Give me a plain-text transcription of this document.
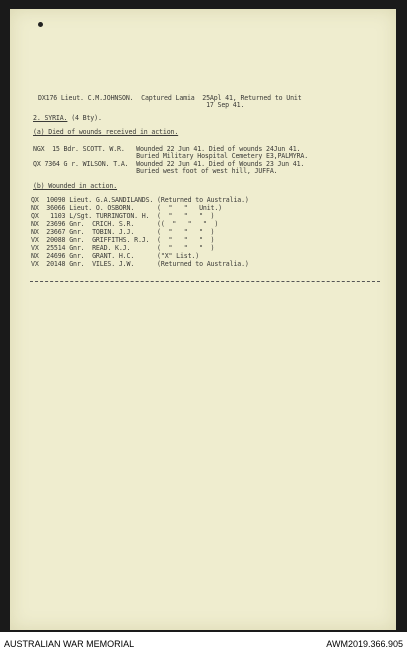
DX176 Lieut. C.M.JOHNSON.  Captured Lamia  25Apl 41, Returned to Unit
17 Sep 41.
2. SYRIA. (4 Bty).
(a) Died of wounds received in action.
NGX  15 Bdr. SCOTT. W.R.   Wounded 22 Jun 41. Died of wounds 24Jun 41.
Buried Military Hospital Cemetery E3,PALMYRA.
QX 7364 G r. WILSON. T.A.  Wounded 22 Jun 41. Died of Wounds 23 Jun 41.
Buried west foot of west hill, JUFFA.
(b) Wounded in action.
QX  10090 Lieut. G.A.SANDILANDS. (Returned to Australia.)
NX  36066 Lieut. O. OSBORN.      (  "   "   Unit.)
QX   1103 L/Sgt. TURRINGTON. H.  (  "   "   "  )
NX  23696 Gnr.  CRICH. S.R.      ((  "   "   "  )
NX  23667 Gnr.  TOBIN. J.J.      (  "   "   "  )
VX  20088 Gnr.  GRIFFITHS. R.J.  (  "   "   "  )
VX  25514 Gnr.  READ. K.J.       (  "   "   "  )
NX  24696 Gnr.  GRANT. H.C.      ("X" List.)
VX  20148 Gnr.  VILES. J.W.      (Returned to Australia.)
AUSTRALIAN WAR MEMORIAL	AWM2019.366.905
